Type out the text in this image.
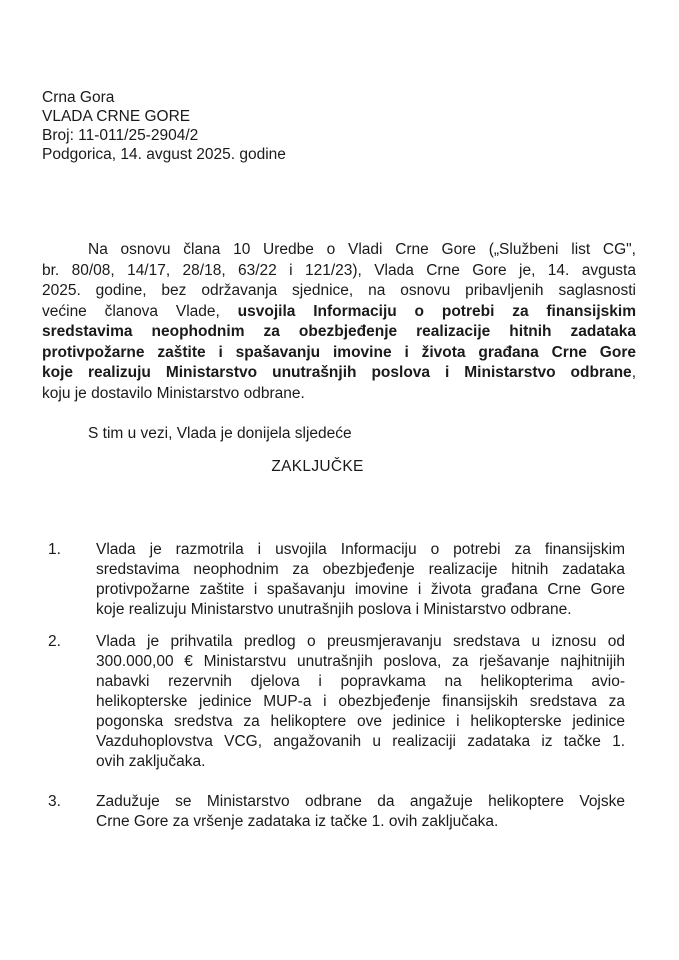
Crna Gora
VLADA CRNE GORE
Broj: 11-011/25-2904/2
Podgorica, 14. avgust 2025. godine
Na osnovu člana 10 Uredbe o Vladi Crne Gore („Službeni list CG",
br. 80/08, 14/17, 28/18, 63/22 i 121/23), Vlada Crne Gore je, 14. avgusta
2025. godine, bez održavanja sjednice, na osnovu pribavljenih saglasnosti
većine članova Vlade, usvojila Informaciju o potrebi za finansijskim
sredstavima neophodnim za obezbjeđenje realizacije hitnih zadataka
protivpožarne zaštite i spašavanju imovine i života građana Crne Gore
koje realizuju Ministarstvo unutrašnjih poslova i Ministarstvo odbrane,
koju je dostavilo Ministarstvo odbrane.
S tim u vezi, Vlada je donijela sljedeće
ZAKLJUČKE
1. Vlada je razmotrila i usvojila Informaciju o potrebi za finansijskim
sredstavima neophodnim za obezbjeđenje realizacije hitnih zadataka
protivpožarne zaštite i spašavanju imovine i života građana Crne Gore
koje realizuju Ministarstvo unutrašnjih poslova i Ministarstvo odbrane.
2. Vlada je prihvatila predlog o preusmjeravanju sredstava u iznosu od
300.000,00 € Ministarstvu unutrašnjih poslova, za rješavanje najhitnijih
nabavki rezervnih djelova i popravkama na helikopterima avio-
helikopterske jedinice MUP-a i obezbjeđenje finansijskih sredstava za
pogonska sredstva za helikoptere ove jedinice i helikopterske jedinice
Vazduhoplovstva VCG, angažovanih u realizaciji zadataka iz tačke 1.
ovih zaključaka.
3. Zadužuje se Ministarstvo odbrane da angažuje helikoptere Vojske
Crne Gore za vršenje zadataka iz tačke 1. ovih zaključaka.
